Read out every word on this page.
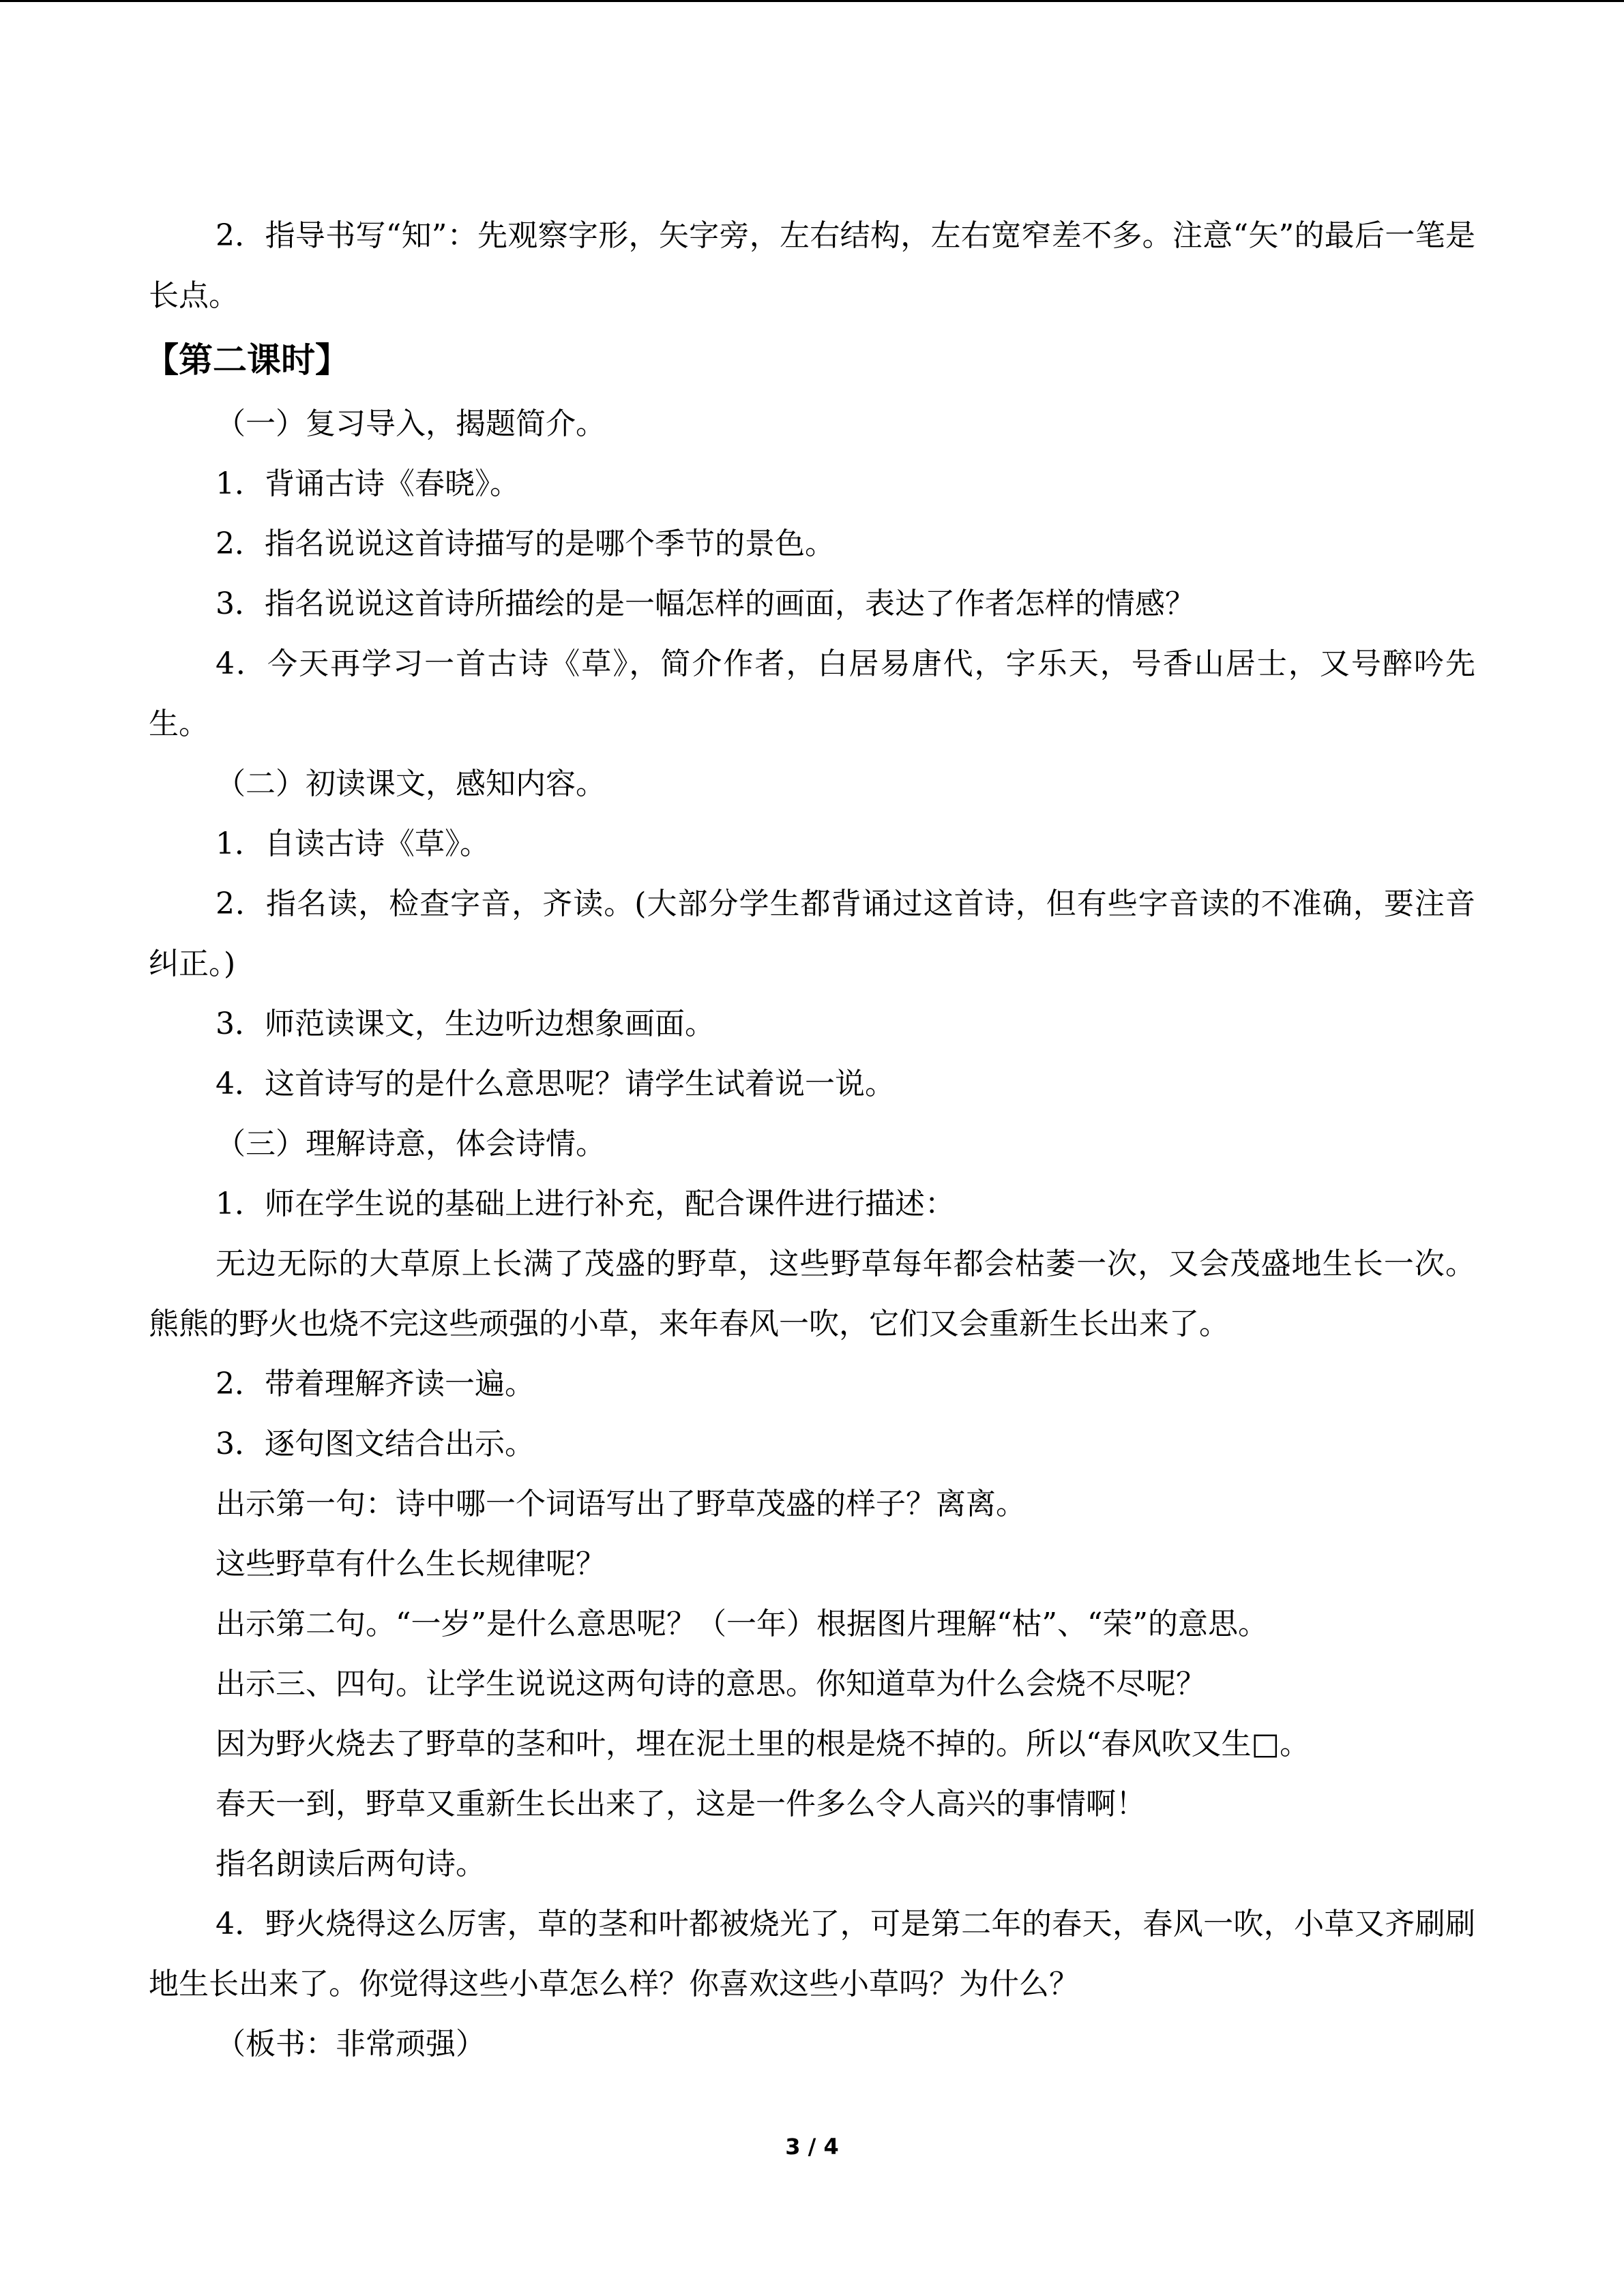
2．指导书写“知”：先观察字形，矢字旁，左右结构，左右宽窄差不多。注意“矢”的最后一笔是长点。

【第二课时】

（一）复习导入，揭题简介。

1．背诵古诗《春晓》。

2．指名说说这首诗描写的是哪个季节的景色。

3．指名说说这首诗所描绘的是一幅怎样的画面，表达了作者怎样的情感？

4．今天再学习一首古诗《草》，简介作者，白居易唐代，字乐天，号香山居士，又号醉吟先生。

（二）初读课文，感知内容。

1．自读古诗《草》。

2．指名读，检查字音，齐读。(大部分学生都背诵过这首诗，但有些字音读的不准确，要注音纠正。)

3．师范读课文，生边听边想象画面。

4．这首诗写的是什么意思呢？请学生试着说一说。

（三）理解诗意，体会诗情。

1．师在学生说的基础上进行补充，配合课件进行描述：

无边无际的大草原上长满了茂盛的野草，这些野草每年都会枯萎一次，又会茂盛地生长一次。熊熊的野火也烧不完这些顽强的小草，来年春风一吹，它们又会重新生长出来了。

2．带着理解齐读一遍。

3．逐句图文结合出示。

出示第一句：诗中哪一个词语写出了野草茂盛的样子？离离。

这些野草有什么生长规律呢？

出示第二句。“一岁”是什么意思呢？（一年）根据图片理解“枯”、“荣”的意思。

出示三、四句。让学生说说这两句诗的意思。你知道草为什么会烧不尽呢？

因为野火烧去了野草的茎和叶，埋在泥土里的根是烧不掉的。所以“春风吹又生□。

春天一到，野草又重新生长出来了，这是一件多么令人高兴的事情啊！

指名朗读后两句诗。

4．野火烧得这么厉害，草的茎和叶都被烧光了，可是第二年的春天，春风一吹，小草又齐刷刷地生长出来了。你觉得这些小草怎么样？你喜欢这些小草吗？为什么？

（板书：非常顽强）

3 / 4
